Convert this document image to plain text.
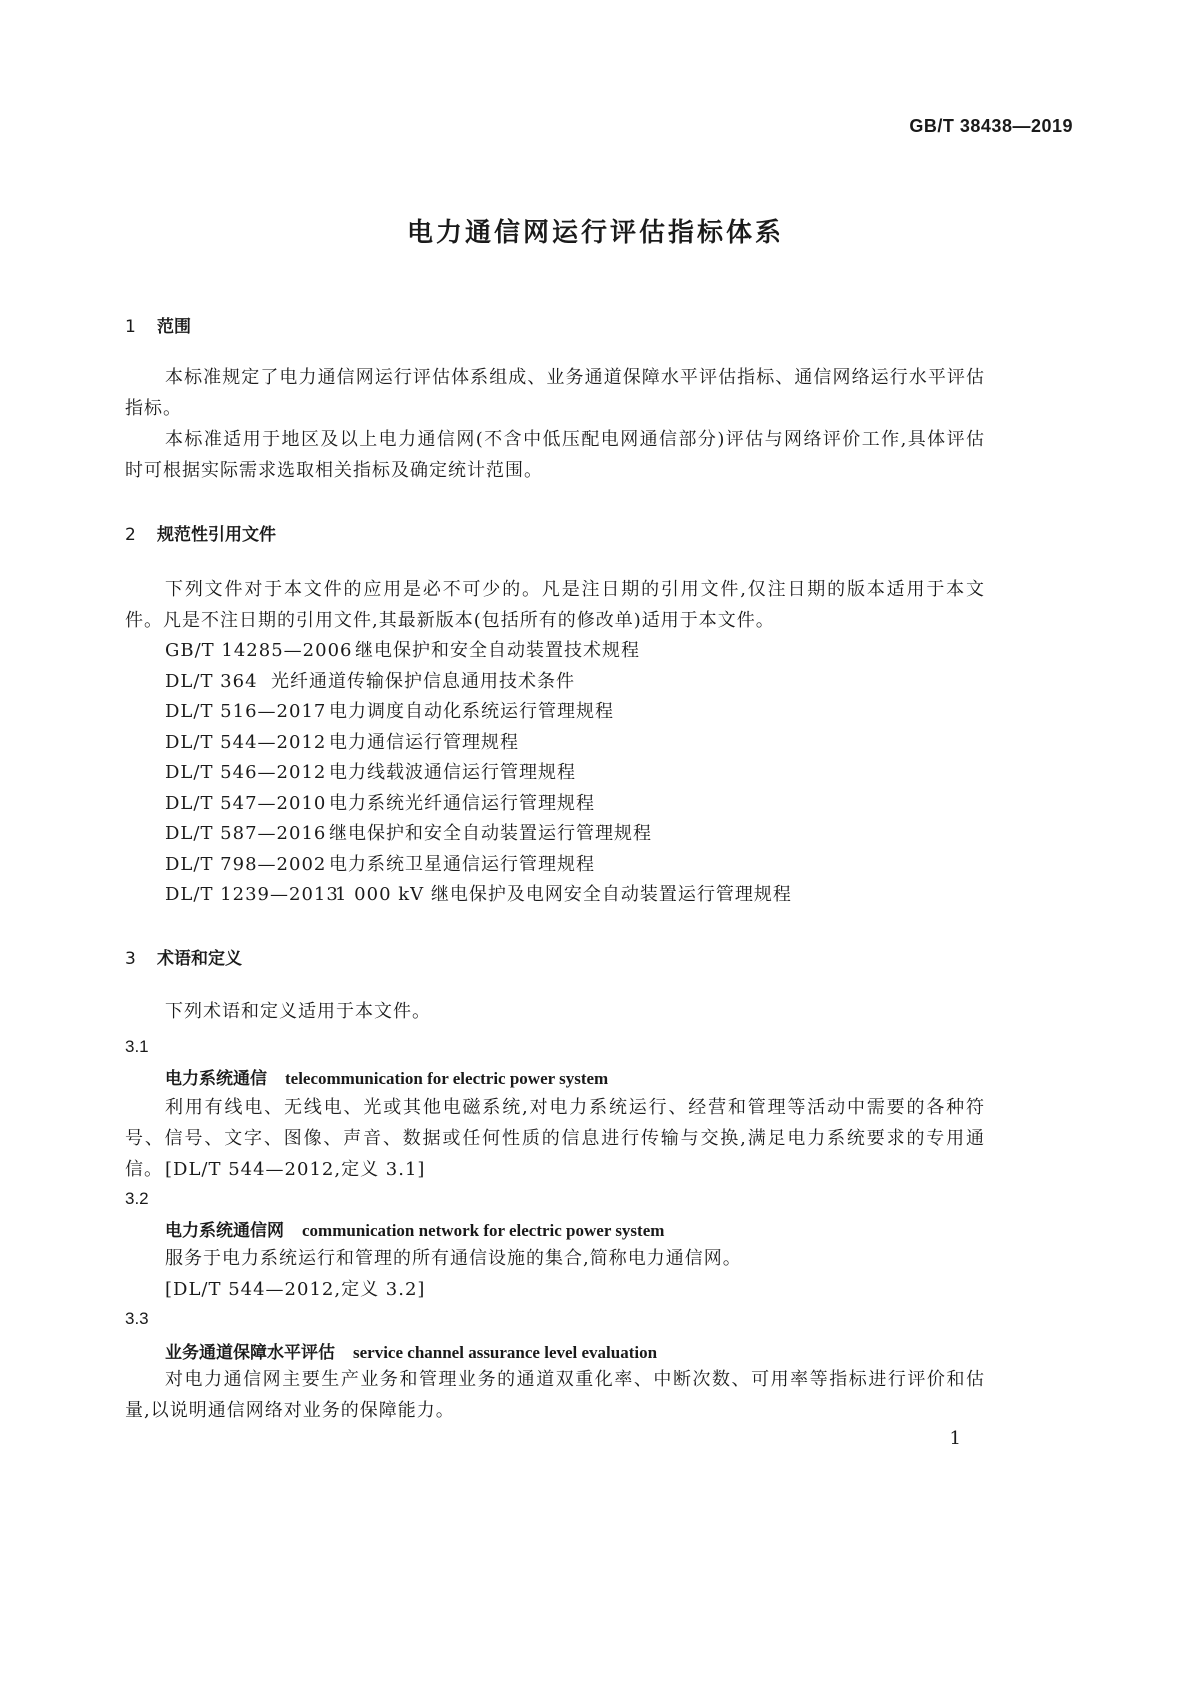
GB/T 38438—2019
电力通信网运行评估指标体系
1 范围
本标准规定了电力通信网运行评估体系组成、业务通道保障水平评估指标、通信网络运行水平评估指标。
本标准适用于地区及以上电力通信网(不含中低压配电网通信部分)评估与网络评价工作,具体评估时可根据实际需求选取相关指标及确定统计范围。
2 规范性引用文件
下列文件对于本文件的应用是必不可少的。凡是注日期的引用文件,仅注日期的版本适用于本文件。凡是不注日期的引用文件,其最新版本(包括所有的修改单)适用于本文件。
GB/T 14285—2006 继电保护和安全自动装置技术规程
DL/T 364 光纤通道传输保护信息通用技术条件
DL/T 516—2017 电力调度自动化系统运行管理规程
DL/T 544—2012 电力通信运行管理规程
DL/T 546—2012 电力线载波通信运行管理规程
DL/T 547—2010 电力系统光纤通信运行管理规程
DL/T 587—2016 继电保护和安全自动装置运行管理规程
DL/T 798—2002 电力系统卫星通信运行管理规程
DL/T 1239—20131 000 kV 继电保护及电网安全自动装置运行管理规程
3 术语和定义
下列术语和定义适用于本文件。
3.1
电力系统通信 telecommunication for electric power system
利用有线电、无线电、光或其他电磁系统,对电力系统运行、经营和管理等活动中需要的各种符号、信号、文字、图像、声音、数据或任何性质的信息进行传输与交换,满足电力系统要求的专用通信。 [DL/T 544—2012,定义 3.1]
3.2
电力系统通信网 communication network for electric power system
服务于电力系统运行和管理的所有通信设施的集合,简称电力通信网。
[DL/T 544—2012,定义 3.2]
3.3
业务通道保障水平评估 service channel assurance level evaluation
对电力通信网主要生产业务和管理业务的通道双重化率、中断次数、可用率等指标进行评价和估量,以说明通信网络对业务的保障能力。
1
